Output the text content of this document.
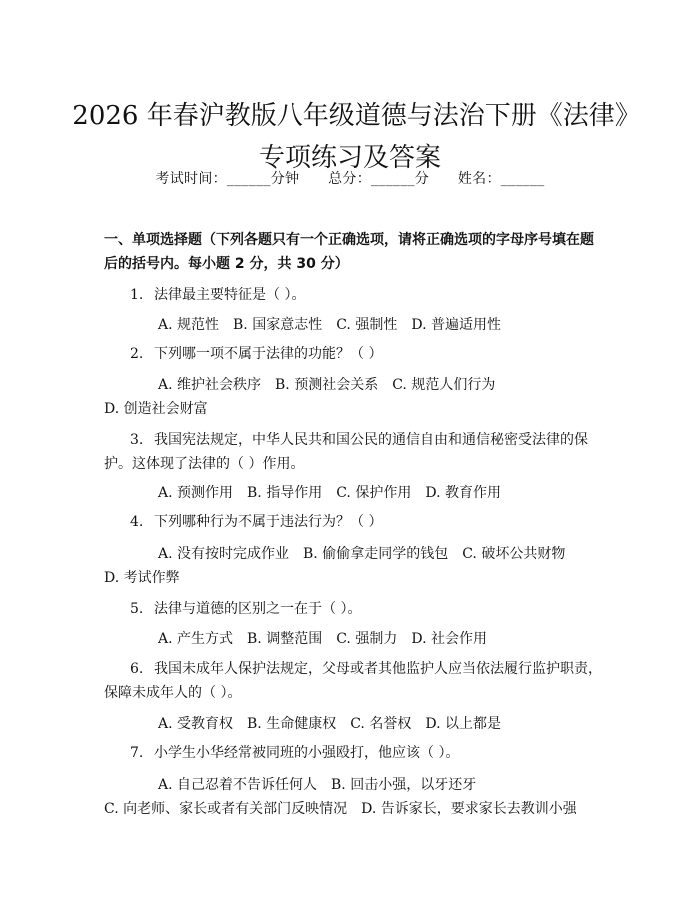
2026 年春沪教版八年级道德与法治下册《法律》专项练习及答案
考试时间：______分钟 总分：______分 姓名：______
一、单项选择题（下列各题只有一个正确选项，请将正确选项的字母序号填在题后的括号内。每小题 2 分，共 30 分）
1. 法律最主要特征是（ ）。
A. 规范性 B. 国家意志性 C. 强制性 D. 普遍适用性
2. 下列哪一项不属于法律的功能？（ ）
A. 维护社会秩序 B. 预测社会关系 C. 规范人们行为D. 创造社会财富
3. 我国宪法规定，中华人民共和国公民的通信自由和通信秘密受法律的保护。这体现了法律的（ ）作用。
A. 预测作用 B. 指导作用 C. 保护作用 D. 教育作用
4. 下列哪种行为不属于违法行为？（ ）
A. 没有按时完成作业 B. 偷偷拿走同学的钱包 C. 破坏公共财物D. 考试作弊
5. 法律与道德的区别之一在于（ ）。
A. 产生方式 B. 调整范围 C. 强制力 D. 社会作用
6. 我国未成年人保护法规定，父母或者其他监护人应当依法履行监护职责，保障未成年人的（ ）。
A. 受教育权 B. 生命健康权 C. 名誉权 D. 以上都是
7. 小学生小华经常被同班的小强殴打，他应该（ ）。
A. 自己忍着不告诉任何人 B. 回击小强，以牙还牙C. 向老师、家长或者有关部门反映情况 D. 告诉家长，要求家长去教训小强
